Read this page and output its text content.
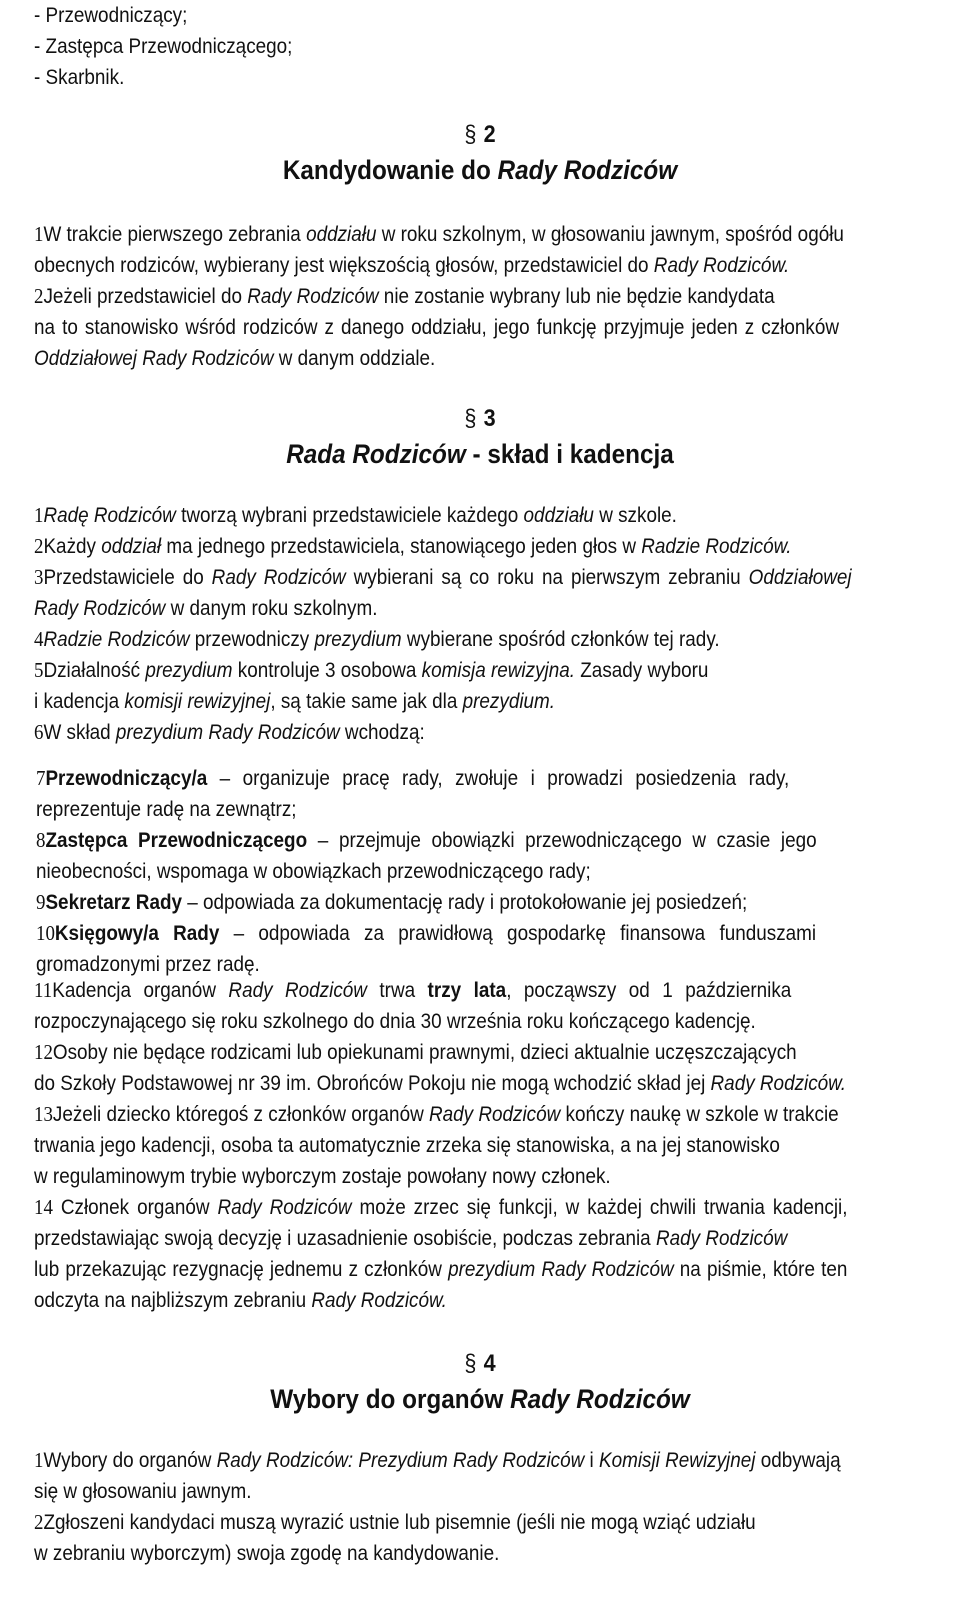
- Przewodniczący;
- Zastępca Przewodniczącego;
- Skarbnik.
§ 2
Kandydowanie do Rady Rodziców
1W trakcie pierwszego zebrania oddziału w roku szkolnym, w głosowaniu jawnym, spośród ogółu
obecnych rodziców, wybierany jest większością głosów, przedstawiciel do Rady Rodziców.
2Jeżeli przedstawiciel do Rady Rodziców nie zostanie wybrany lub nie będzie kandydata
na to stanowisko wśród rodziców z danego oddziału, jego funkcję przyjmuje jeden z członków
Oddziałowej Rady Rodziców w danym oddziale.
§ 3
Rada Rodziców - skład i kadencja
1Radę Rodziców tworzą wybrani przedstawiciele każdego oddziału w szkole.
2Każdy oddział ma jednego przedstawiciela, stanowiącego jeden głos w Radzie Rodziców.
3Przedstawiciele do Rady Rodziców wybierani są co roku na pierwszym zebraniu Oddziałowej
Rady Rodziców w danym roku szkolnym.
4Radzie Rodziców przewodniczy prezydium wybierane spośród członków tej rady.
5Działalność prezydium kontroluje 3 osobowa komisja rewizyjna. Zasady wyboru
i kadencja komisji rewizyjnej, są takie same jak dla prezydium.
6W skład prezydium Rady Rodziców wchodzą:
7Przewodniczący/a – organizuje pracę rady, zwołuje i prowadzi posiedzenia rady,
reprezentuje radę na zewnątrz;
8Zastępca Przewodniczącego – przejmuje obowiązki przewodniczącego w czasie jego
nieobecności, wspomaga w obowiązkach przewodniczącego rady;
9Sekretarz Rady – odpowiada za dokumentację rady i protokołowanie jej posiedzeń;
10Księgowy/a Rady – odpowiada za prawidłową gospodarkę finansowa funduszami
gromadzonymi przez radę.
11Kadencja organów Rady Rodziców trwa trzy lata, począwszy od 1 października
rozpoczynającego się roku szkolnego do dnia 30 września roku kończącego kadencję.
12Osoby nie będące rodzicami lub opiekunami prawnymi, dzieci aktualnie uczęszczających
do Szkoły Podstawowej nr 39 im. Obrońców Pokoju nie mogą wchodzić skład jej Rady Rodziców.
13Jeżeli dziecko któregoś z członków organów Rady Rodziców kończy naukę w szkole w trakcie
trwania jego kadencji, osoba ta automatycznie zrzeka się stanowiska, a na jej stanowisko
w regulaminowym trybie wyborczym zostaje powołany nowy członek.
14 Członek organów Rady Rodziców może zrzec się funkcji, w każdej chwili trwania kadencji,
przedstawiając swoją decyzję i uzasadnienie osobiście, podczas zebrania Rady Rodziców
lub przekazując rezygnację jednemu z członków prezydium Rady Rodziców na piśmie, które ten
odczyta na najbliższym zebraniu Rady Rodziców.
§ 4
Wybory do organów Rady Rodziców
1Wybory do organów Rady Rodziców: Prezydium Rady Rodziców i Komisji Rewizyjnej odbywają
się w głosowaniu jawnym.
2Zgłoszeni kandydaci muszą wyrazić ustnie lub pisemnie (jeśli nie mogą wziąć udziału
w zebraniu wyborczym) swoja zgodę na kandydowanie.
